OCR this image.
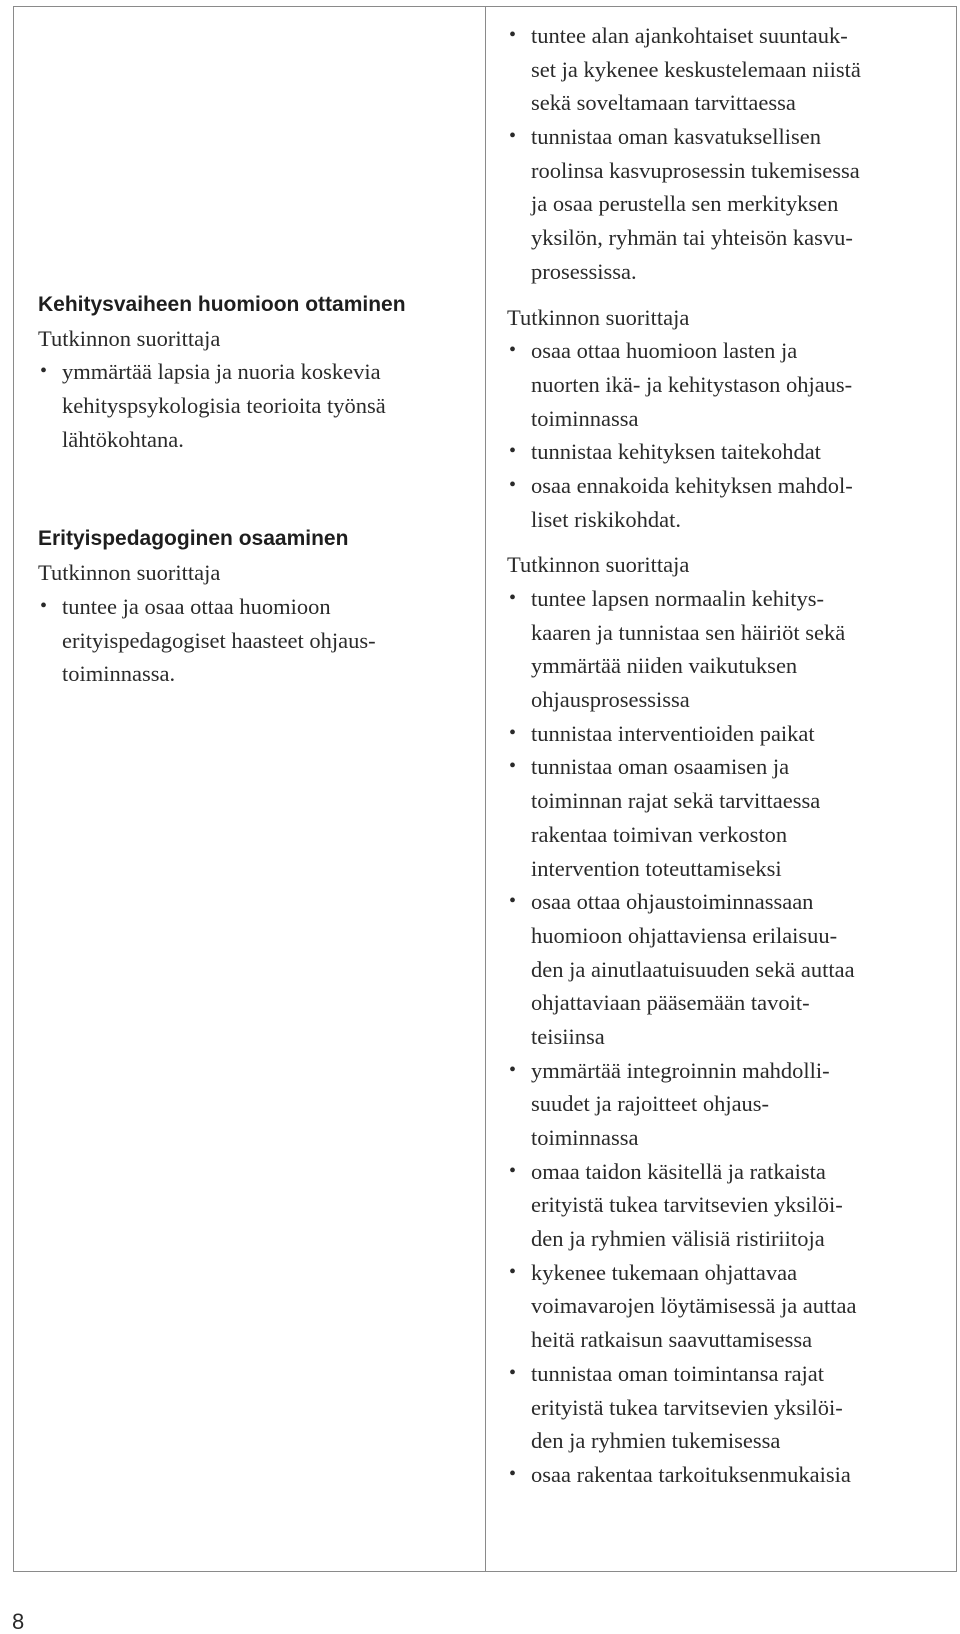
Kehitysvaiheen huomioon ottaminen
Tutkinnon suorittaja
• ymmärtää lapsia ja nuoria koskevia
kehityspsykologisia teorioita työnsä
lähtökohtana.
Erityispedagoginen osaaminen
Tutkinnon suorittaja
• tuntee ja osaa ottaa huomioon
erityispedagogiset haasteet ohjaus-
toiminnassa.
• tuntee alan ajankohtaiset suuntauk-
set ja kykenee keskustelemaan niistä
sekä soveltamaan tarvittaessa
• tunnistaa oman kasvatuksellisen
roolinsa kasvuprosessin tukemisessa
ja osaa perustella sen merkityksen
yksilön, ryhmän tai yhteisön kasvu-
prosessissa.
Tutkinnon suorittaja
• osaa ottaa huomioon lasten ja
nuorten ikä- ja kehitystason ohjaus-
toiminnassa
• tunnistaa kehityksen taitekohdat
• osaa ennakoida kehityksen mahdol-
liset riskikohdat.
Tutkinnon suorittaja
• tuntee lapsen normaalin kehitys-
kaaren ja tunnistaa sen häiriöt sekä
ymmärtää niiden vaikutuksen
ohjausprosessissa
• tunnistaa interventioiden paikat
• tunnistaa oman osaamisen ja
toiminnan rajat sekä tarvittaessa
rakentaa toimivan verkoston
intervention toteuttamiseksi
• osaa ottaa ohjaustoiminnassaan
huomioon ohjattaviensa erilaisuu-
den ja ainutlaatuisuuden sekä auttaa
ohjattaviaan pääsemään tavoit-
teisiinsa
• ymmärtää integroinnin mahdolli-
suudet ja rajoitteet ohjaus-
toiminnassa
• omaa taidon käsitellä ja ratkaista
erityistä tukea tarvitsevien yksilöi-
den ja ryhmien välisiä ristiriitoja
• kykenee tukemaan ohjattavaa
voimavarojen löytämisessä ja auttaa
heitä ratkaisun saavuttamisessa
• tunnistaa oman toimintansa rajat
erityistä tukea tarvitsevien yksilöi-
den ja ryhmien tukemisessa
• osaa rakentaa tarkoituksenmukaisia
8
